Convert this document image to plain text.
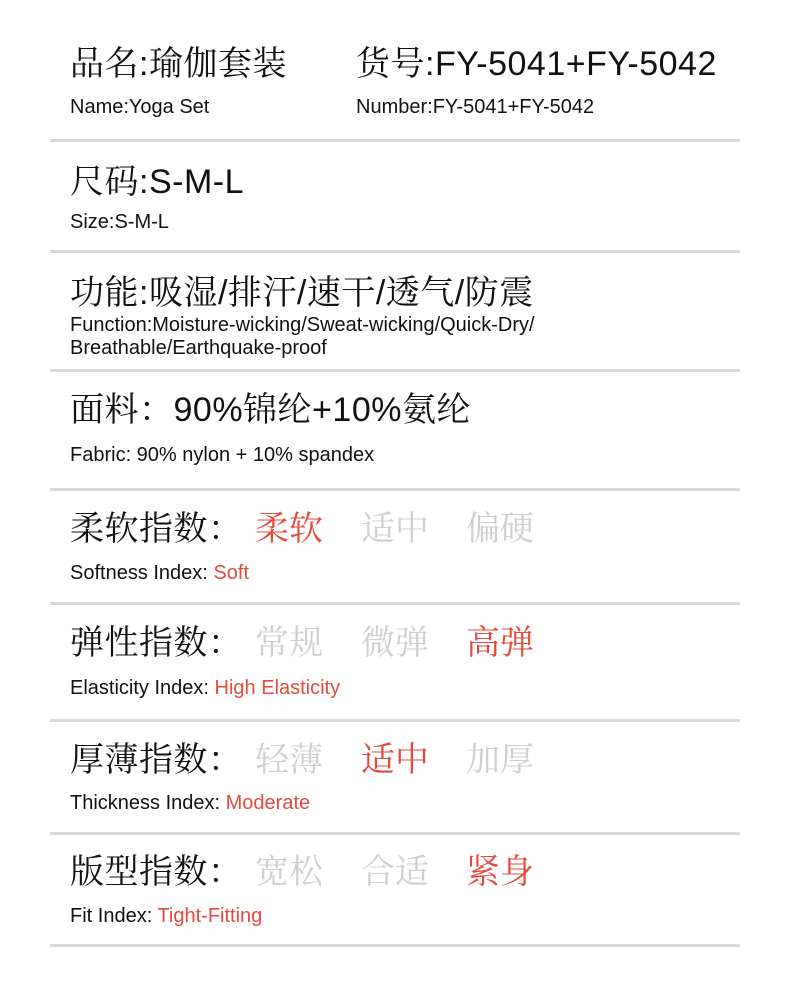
品名:瑜伽套装 货号:FY-5041+FY-5042
Name:Yoga Set	Number:FY-5041+FY-5042
尺码:S-M-L
Size:S-M-L
功能:吸湿/排汗/速干/透气/防震
Function:Moisture-wicking/Sweat-wicking/Quick-Dry/ Breathable/Earthquake-proof
面料：90%锦纶+10%氨纶
Fabric: 90% nylon + 10% spandex
柔软指数： 柔软 适中 偏硬
Softness Index: Soft
弹性指数： 常规 微弹 高弹
Elasticity Index: High Elasticity
厚薄指数： 轻薄 适中 加厚
Thickness Index: Moderate
版型指数： 宽松 合适 紧身
Fit Index: Tight-Fitting
